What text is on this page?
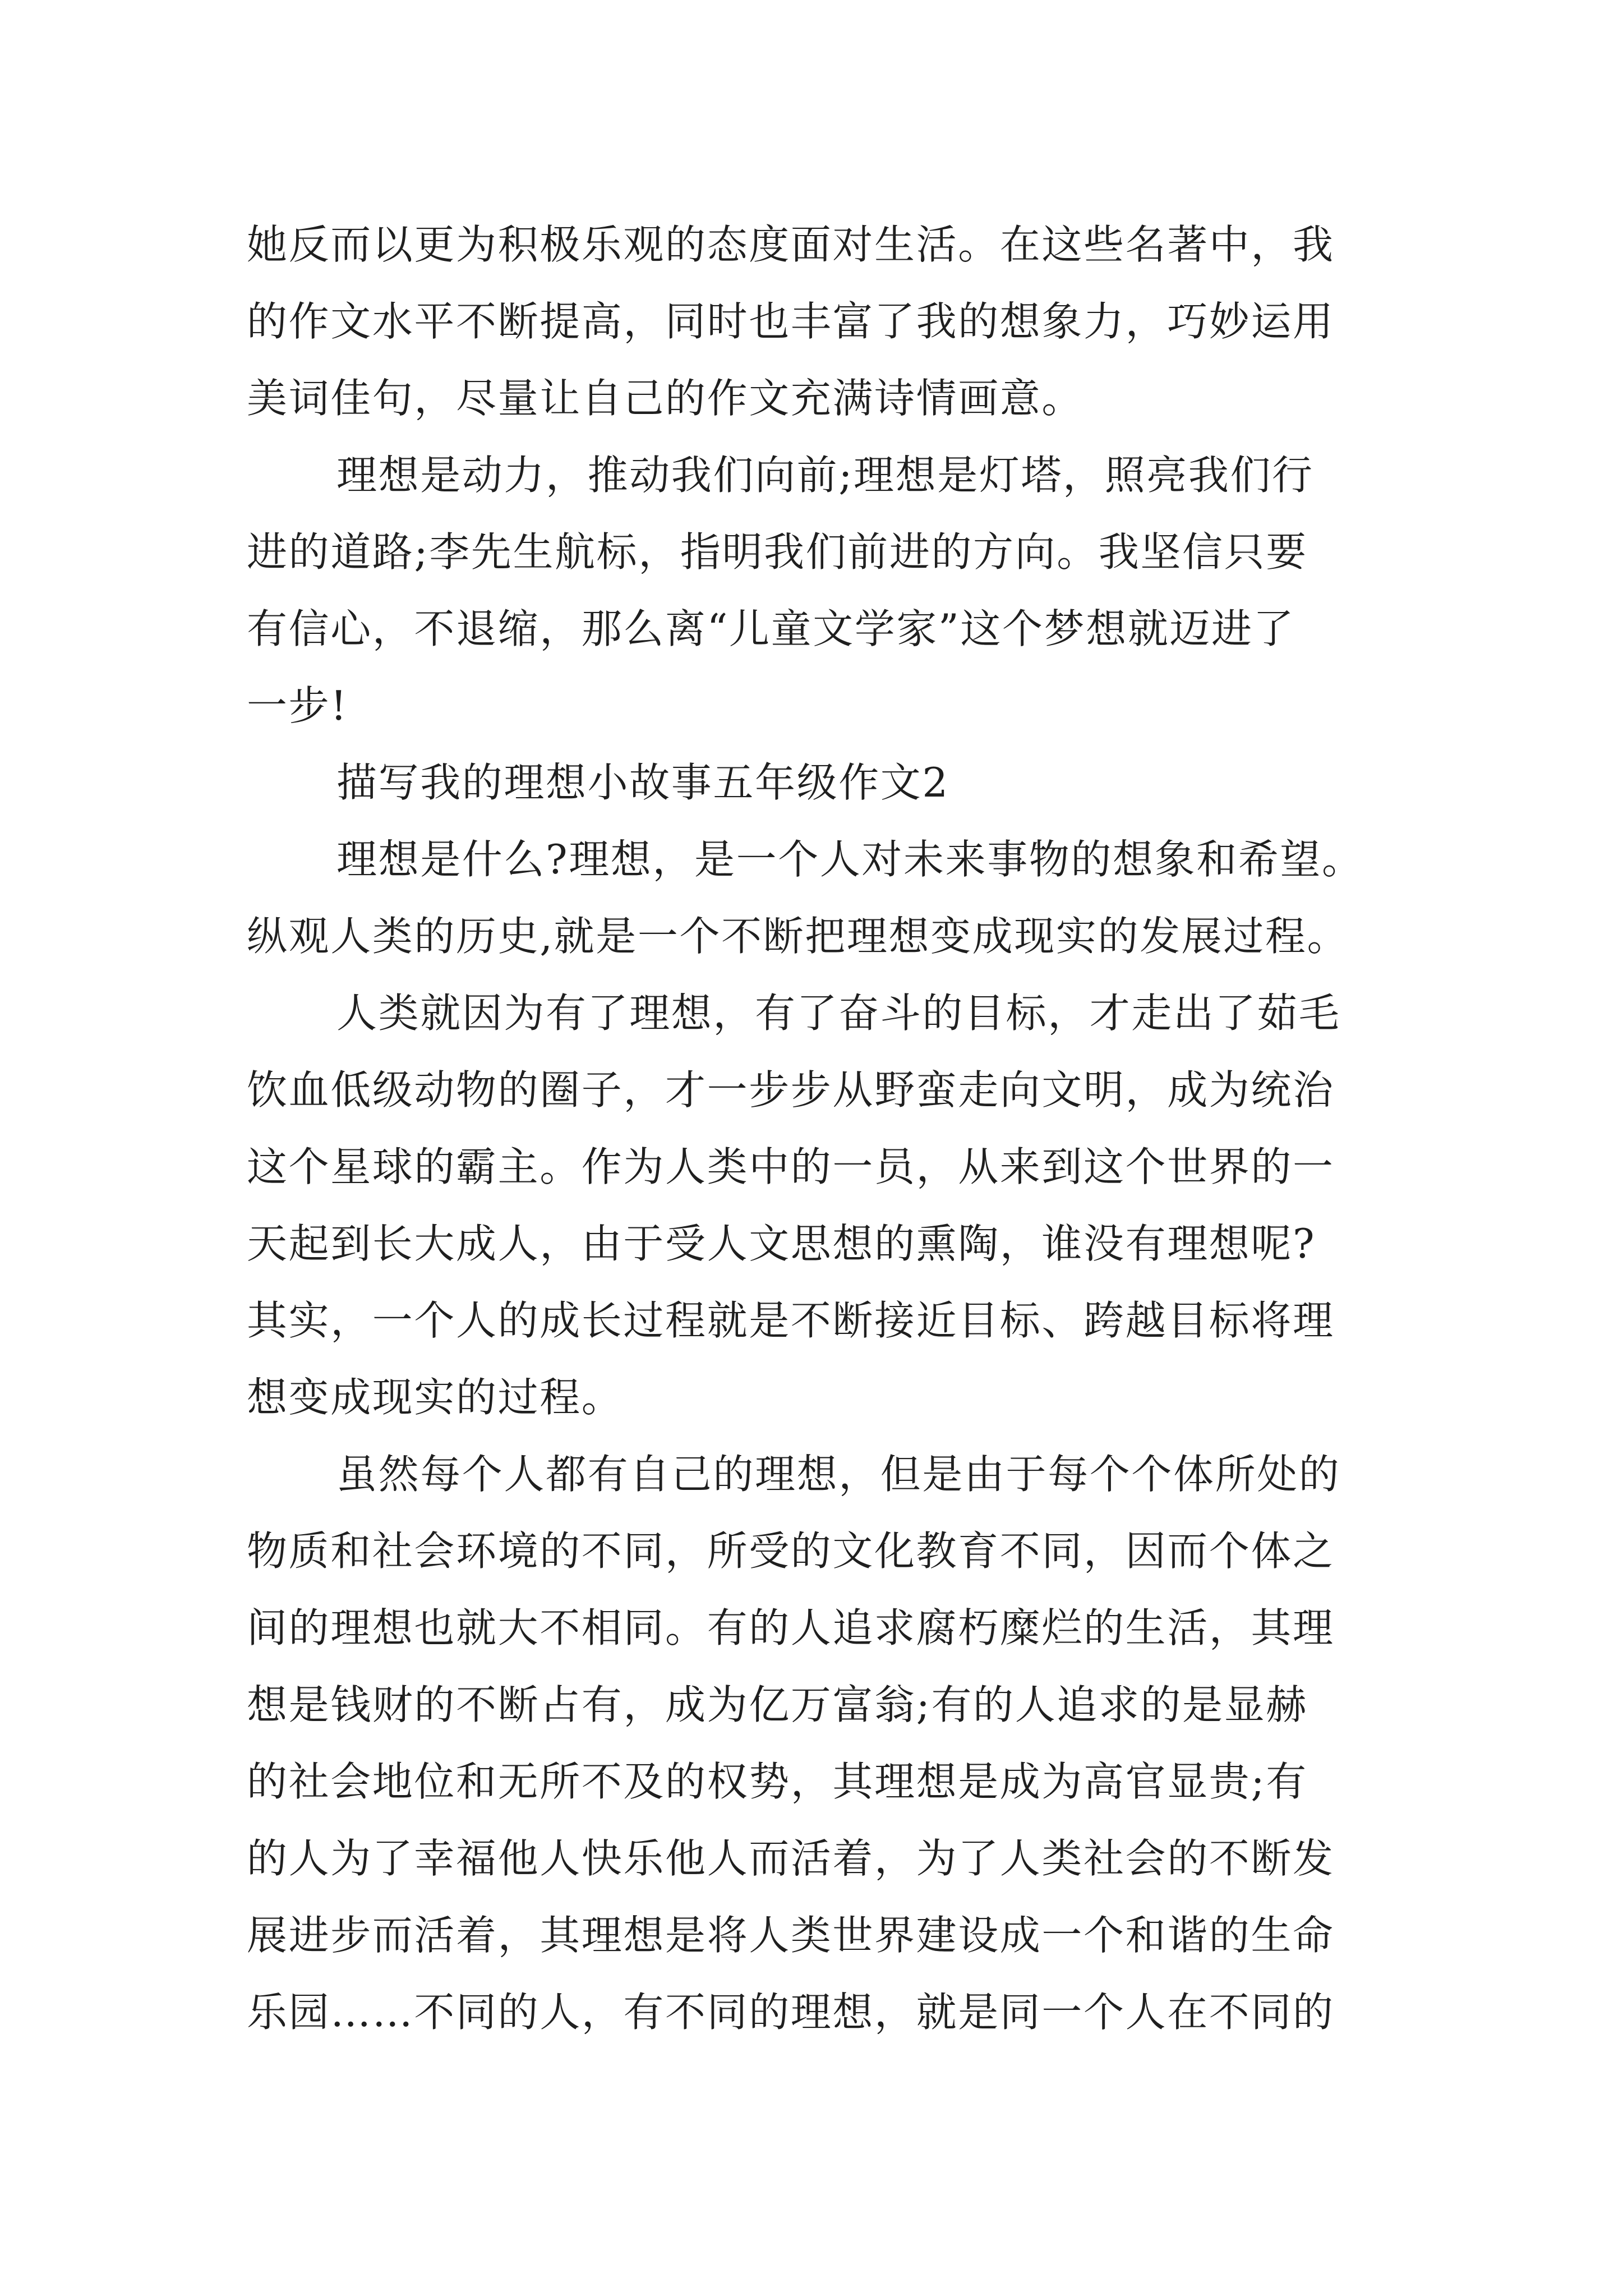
她反而以更为积极乐观的态度面对生活。在这些名著中，我

的作文水平不断提高，同时也丰富了我的想象力，巧妙运用

美词佳句，尽量让自己的作文充满诗情画意。

理想是动力，推动我们向前;理想是灯塔，照亮我们行

进的道路;李先生航标，指明我们前进的方向。我坚信只要

有信心，不退缩，那么离“儿童文学家”这个梦想就迈进了

一步!

描写我的理想小故事五年级作文2

理想是什么?理想，是一个人对未来事物的想象和希望。

纵观人类的历史,就是一个不断把理想变成现实的发展过程。

人类就因为有了理想，有了奋斗的目标，才走出了茹毛

饮血低级动物的圈子，才一步步从野蛮走向文明，成为统治

这个星球的霸主。作为人类中的一员，从来到这个世界的一

天起到长大成人，由于受人文思想的熏陶，谁没有理想呢?

其实，一个人的成长过程就是不断接近目标、跨越目标将理

想变成现实的过程。

虽然每个人都有自己的理想，但是由于每个个体所处的

物质和社会环境的不同，所受的文化教育不同，因而个体之

间的理想也就大不相同。有的人追求腐朽糜烂的生活，其理

想是钱财的不断占有，成为亿万富翁;有的人追求的是显赫

的社会地位和无所不及的权势，其理想是成为高官显贵;有

的人为了幸福他人快乐他人而活着，为了人类社会的不断发

展进步而活着，其理想是将人类世界建设成一个和谐的生命

乐园……不同的人，有不同的理想，就是同一个人在不同的
